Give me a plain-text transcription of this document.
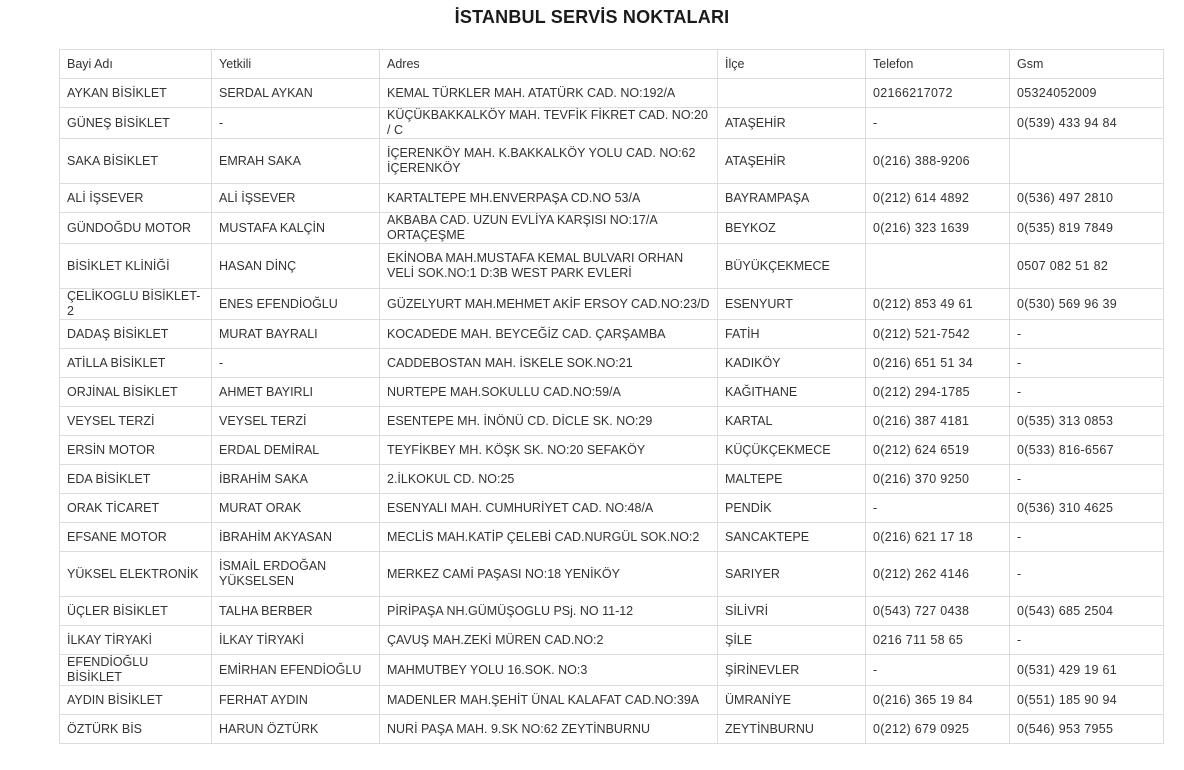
İSTANBUL SERVİS NOKTALARI
Bayi Adı	Yetkili	Adres	İlçe	Telefon	Gsm
AYKAN BİSİKLET	SERDAL AYKAN	KEMAL TÜRKLER MAH. ATATÜRK CAD. NO:192/A		02166217072	05324052009
GÜNEŞ BİSİKLET	-	KÜÇÜKBAKKALKÖY MAH. TEVFİK FİKRET CAD. NO:20 / C	ATAŞEHİR	-	0(539) 433 94 84
SAKA BİSİKLET	EMRAH SAKA	İÇERENKÖY MAH. K.BAKKALKÖY YOLU CAD. NO:62 İÇERENKÖY	ATAŞEHİR	0(216) 388-9206	
ALİ İŞSEVER	ALİ İŞSEVER	KARTALTEPE MH.ENVERPAŞA CD.NO 53/A	BAYRAMPAŞA	0(212) 614 4892	0(536) 497 2810
GÜNDOĞDU MOTOR	MUSTAFA KALÇİN	AKBABA CAD. UZUN EVLİYA KARŞISI NO:17/A ORTAÇEŞME	BEYKOZ	0(216) 323 1639	0(535) 819 7849
BİSİKLET KLİNİĞİ	HASAN DİNÇ	EKİNOBA MAH.MUSTAFA KEMAL BULVARI ORHAN VELİ SOK.NO:1 D:3B WEST PARK EVLERİ	BÜYÜKÇEKMECE		0507 082 51 82
ÇELİKOGLU BİSİKLET-2	ENES EFENDİOĞLU	GÜZELYURT MAH.MEHMET AKİF ERSOY CAD.NO:23/D	ESENYURT	0(212) 853 49 61	0(530) 569 96 39
DADAŞ BİSİKLET	MURAT BAYRALI	KOCADEDE MAH. BEYCEĞİZ CAD. ÇARŞAMBA	FATİH	0(212) 521-7542	-
ATİLLA BİSİKLET	-	CADDEBOSTAN MAH. İSKELE SOK.NO:21	KADIKÖY	0(216) 651 51 34	-
ORJİNAL BİSİKLET	AHMET BAYIRLI	NURTEPE MAH.SOKULLU CAD.NO:59/A	KAĞITHANE	0(212) 294-1785	-
VEYSEL TERZİ	VEYSEL TERZİ	ESENTEPE MH. İNÖNÜ CD. DİCLE SK. NO:29	KARTAL	0(216) 387 4181	0(535) 313 0853
ERSİN MOTOR	ERDAL DEMİRAL	TEYFİKBEY MH. KÖŞK SK. NO:20 SEFAKÖY	KÜÇÜKÇEKMECE	0(212) 624 6519	0(533) 816-6567
EDA BİSİKLET	İBRAHİM SAKA	2.İLKOKUL CD. NO:25	MALTEPE	0(216) 370 9250	-
ORAK TİCARET	MURAT ORAK	ESENYALI MAH. CUMHURİYET CAD. NO:48/A	PENDİK	-	0(536) 310 4625
EFSANE MOTOR	İBRAHİM AKYASAN	MECLİS MAH.KATİP ÇELEBİ CAD.NURGÜL SOK.NO:2	SANCAKTEPE	0(216) 621 17 18	-
YÜKSEL ELEKTRONİK	İSMAİL ERDOĞAN YÜKSELSEN	MERKEZ CAMİ PAŞASI NO:18 YENİKÖY	SARIYER	0(212) 262 4146	-
ÜÇLER BİSİKLET	TALHA BERBER	PİRİPAŞA NH.GÜMÜŞOGLU PSj. NO 11-12	SİLİVRİ	0(543) 727 0438	0(543) 685 2504
İLKAY TİRYAKİ	İLKAY TİRYAKİ	ÇAVUŞ MAH.ZEKİ MÜREN CAD.NO:2	ŞİLE	0216 711 58 65	-
EFENDİOĞLU BİSİKLET	EMİRHAN EFENDİOĞLU	MAHMUTBEY YOLU 16.SOK. NO:3	ŞİRİNEVLER	-	0(531) 429 19 61
AYDIN BİSİKLET	FERHAT AYDIN	MADENLER MAH.ŞEHİT ÜNAL KALAFAT CAD.NO:39A	ÜMRANİYE	0(216) 365 19 84	0(551) 185 90 94
ÖZTÜRK BİS	HARUN ÖZTÜRK	NURİ PAŞA MAH. 9.SK NO:62 ZEYTİNBURNU	ZEYTİNBURNU	0(212) 679 0925	0(546) 953 7955
